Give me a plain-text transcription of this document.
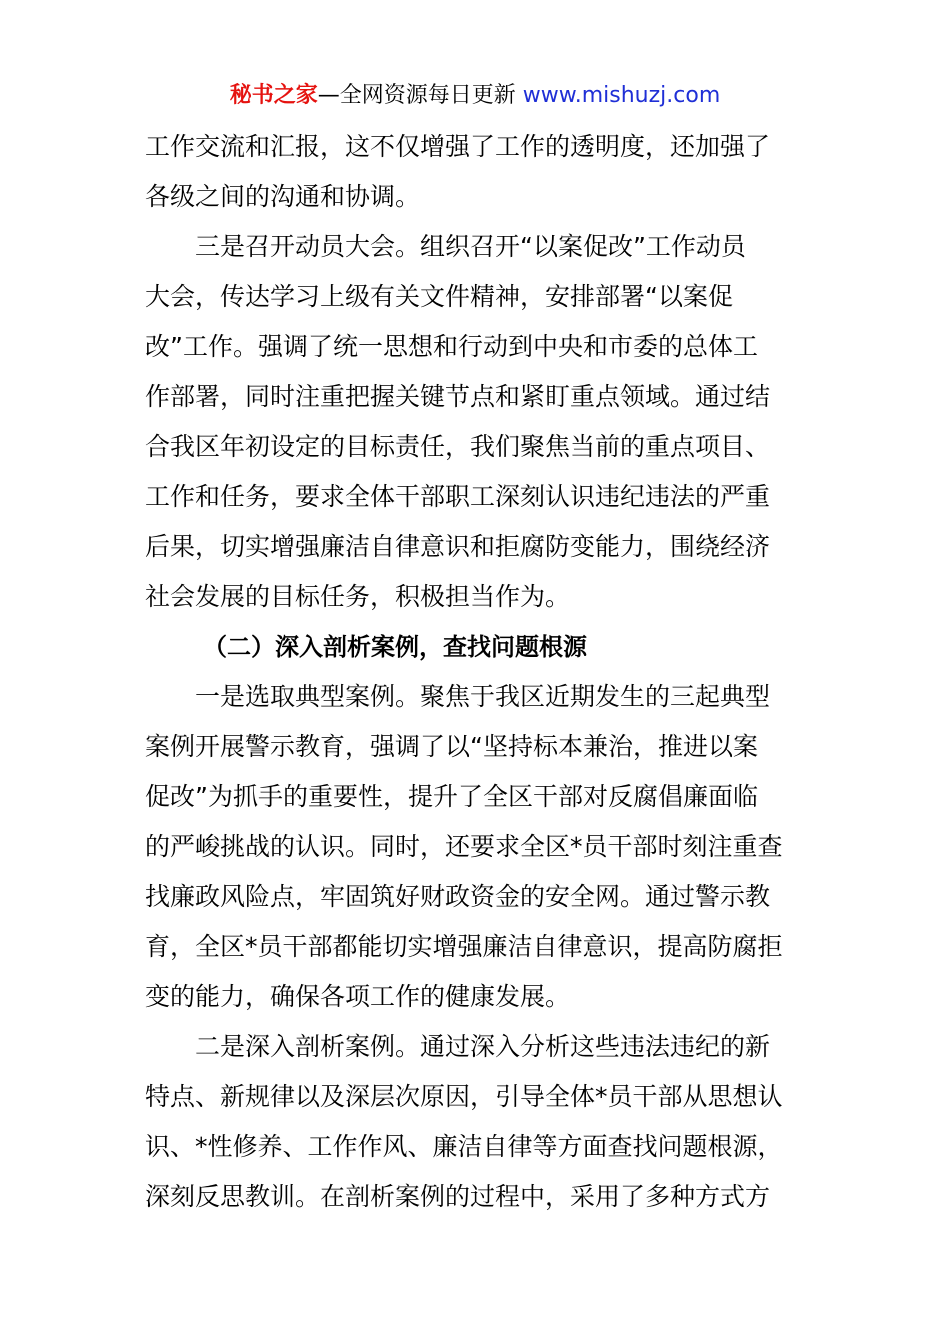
秘书之家—全网资源每日更新 www.mishuzj.com
工作交流和汇报，这不仅增强了工作的透明度，还加强了
各级之间的沟通和协调。
三是召开动员大会。组织召开“以案促改”工作动员
大会，传达学习上级有关文件精神，安排部署“以案促
改”工作。强调了统一思想和行动到中央和市委的总体工
作部署，同时注重把握关键节点和紧盯重点领域。通过结
合我区年初设定的目标责任，我们聚焦当前的重点项目、
工作和任务，要求全体干部职工深刻认识违纪违法的严重
后果，切实增强廉洁自律意识和拒腐防变能力，围绕经济
社会发展的目标任务，积极担当作为。
（二）深入剖析案例，查找问题根源
一是选取典型案例。聚焦于我区近期发生的三起典型
案例开展警示教育，强调了以“坚持标本兼治，推进以案
促改”为抓手的重要性，提升了全区干部对反腐倡廉面临
的严峻挑战的认识。同时，还要求全区*员干部时刻注重查
找廉政风险点，牢固筑好财政资金的安全网。通过警示教
育，全区*员干部都能切实增强廉洁自律意识，提高防腐拒
变的能力，确保各项工作的健康发展。
二是深入剖析案例。通过深入分析这些违法违纪的新
特点、新规律以及深层次原因，引导全体*员干部从思想认
识、*性修养、工作作风、廉洁自律等方面查找问题根源，
深刻反思教训。在剖析案例的过程中，采用了多种方式方
